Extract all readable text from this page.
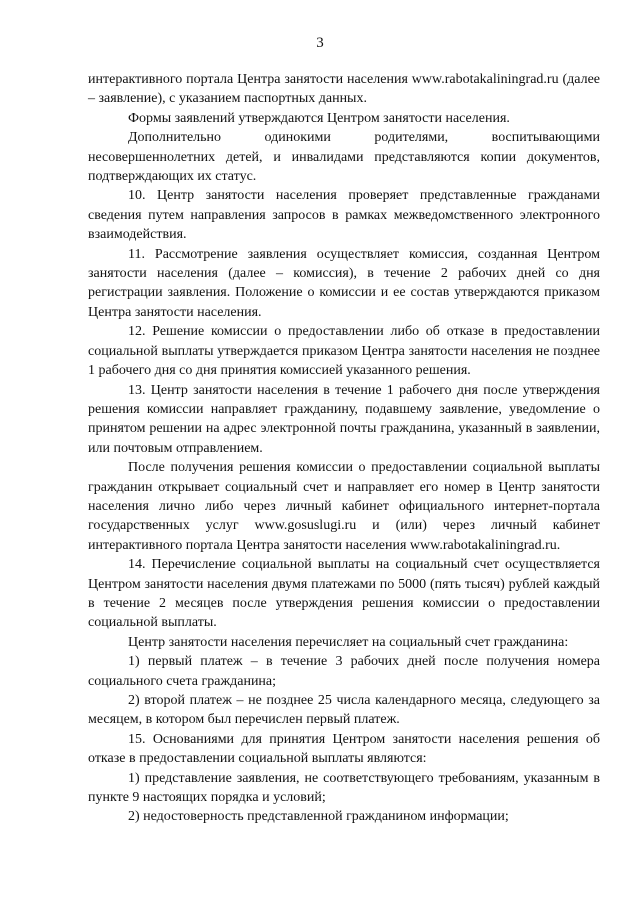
3

интерактивного портала Центра занятости населения www.rabotakaliningrad.ru (далее – заявление), с указанием паспортных данных.

Формы заявлений утверждаются Центром занятости населения.

Дополнительно одинокими родителями, воспитывающими несовершеннолетних детей, и инвалидами представляются копии документов, подтверждающих их статус.

10. Центр занятости населения проверяет представленные гражданами сведения путем направления запросов в рамках межведомственного электронного взаимодействия.

11. Рассмотрение заявления осуществляет комиссия, созданная Центром занятости населения (далее – комиссия), в течение 2 рабочих дней со дня регистрации заявления. Положение о комиссии и ее состав утверждаются приказом Центра занятости населения.

12. Решение комиссии о предоставлении либо об отказе в предоставлении социальной выплаты утверждается приказом Центра занятости населения не позднее 1 рабочего дня со дня принятия комиссией указанного решения.

13. Центр занятости населения в течение 1 рабочего дня после утверждения решения комиссии направляет гражданину, подавшему заявление, уведомление о принятом решении на адрес электронной почты гражданина, указанный в заявлении, или почтовым отправлением.

После получения решения комиссии о предоставлении социальной выплаты гражданин открывает социальный счет и направляет его номер в Центр занятости населения лично либо через личный кабинет официального интернет-портала государственных услуг www.gosuslugi.ru и (или) через личный кабинет интерактивного портала Центра занятости населения www.rabotakaliningrad.ru.

14. Перечисление социальной выплаты на социальный счет осуществляется Центром занятости населения двумя платежами по 5000 (пять тысяч) рублей каждый в течение 2 месяцев после утверждения решения комиссии о предоставлении социальной выплаты.

Центр занятости населения перечисляет на социальный счет гражданина:

1) первый платеж – в течение 3 рабочих дней после получения номера социального счета гражданина;

2) второй платеж – не позднее 25 числа календарного месяца, следующего за месяцем, в котором был перечислен первый платеж.

15. Основаниями для принятия Центром занятости населения решения об отказе в предоставлении социальной выплаты являются:

1) представление заявления, не соответствующего требованиям, указанным в пункте 9 настоящих порядка и условий;

2) недостоверность представленной гражданином информации;
